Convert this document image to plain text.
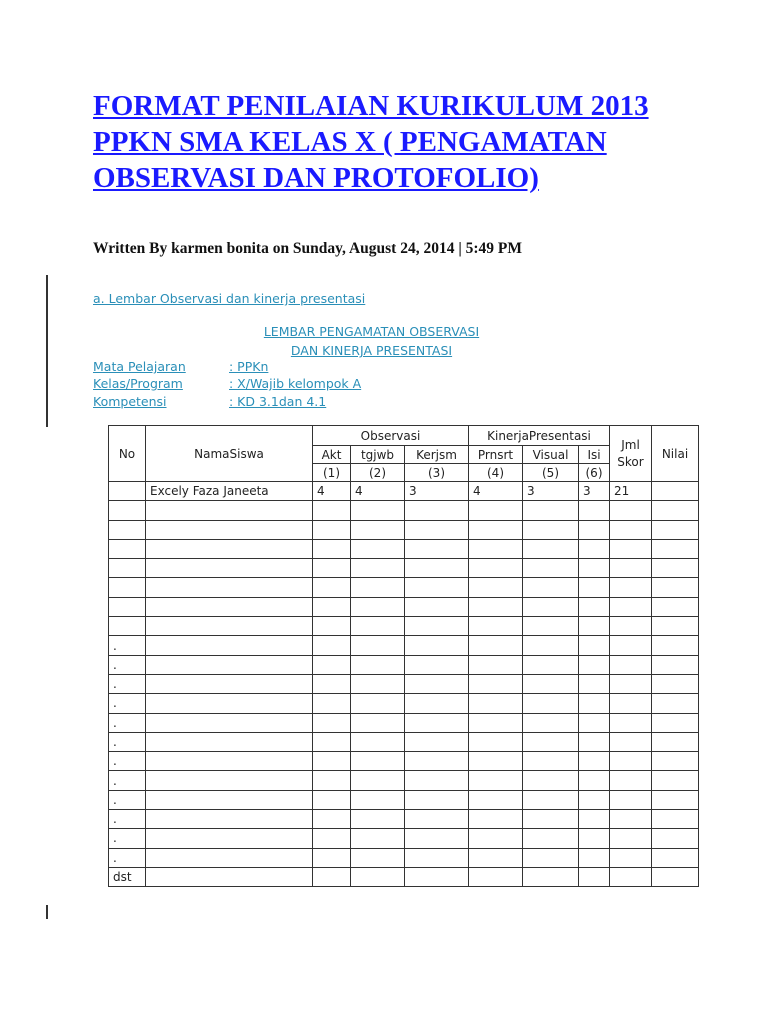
FORMAT PENILAIAN KURIKULUM 2013 PPKN SMA KELAS X ( PENGAMATAN OBSERVASI DAN PROTOFOLIO)

Written By karmen bonita on Sunday, August 24, 2014 | 5:49 PM

a. Lembar Observasi dan kinerja presentasi
LEMBAR PENGAMATAN OBSERVASI
DAN KINERJA PRESENTASI
Mata Pelajaran	: PPKn
Kelas/Program	: X/Wajib kelompok A
Kompetensi	: KD 3.1dan 4.1
No	NamaSiswa	Observasi			KinerjaPresentasi			Jml Skor	Nilai
		Akt	tgjwb	Kerjsm	Prnsrt	Visual	Isi		
		(1)	(2)	(3)	(4)	(5)	(6)		
	Excely Faza Janeeta	4	4	3	4	3	3	21	

.									
.									
.									
.									
.									
.									
.									
.									
.									
.									
.									
.									
dst									
